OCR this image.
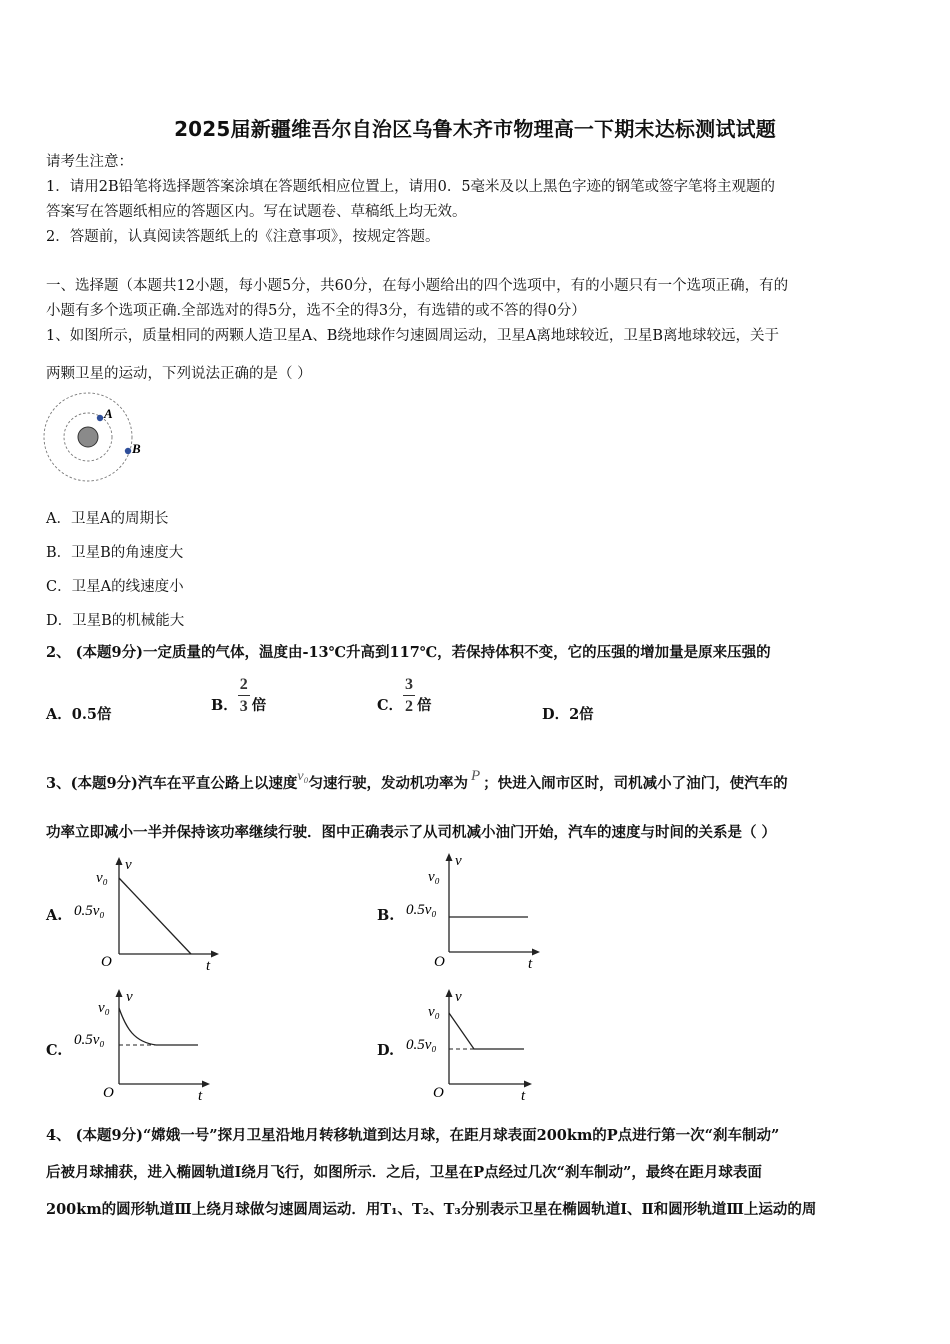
2025届新疆维吾尔自治区乌鲁木齐市物理高一下期末达标测试试题
请考生注意：
1．请用2B铅笔将选择题答案涂填在答题纸相应位置上，请用0．5毫米及以上黑色字迹的钢笔或签字笔将主观题的
答案写在答题纸相应的答题区内。写在试题卷、草稿纸上均无效。
2．答题前，认真阅读答题纸上的《注意事项》，按规定答题。
一、选择题（本题共12小题，每小题5分，共60分，在每小题给出的四个选项中，有的小题只有一个选项正确，有的
小题有多个选项正确.全部选对的得5分，选不全的得3分，有选错的或不答的得0分）
1、如图所示，质量相同的两颗人造卫星A、B绕地球作匀速圆周运动，卫星A离地球较近，卫星B离地球较远，关于
两颗卫星的运动，下列说法正确的是（ ）
A
B
A．卫星A的周期长
B．卫星B的角速度大
C．卫星A的线速度小
D．卫星B的机械能大
2、 (本题9分)一定质量的气体，温度由-13℃升高到117℃，若保持体积不变，它的压强的增加量是原来压强的
A．0.5倍
B． $\frac{2}{3}$ 倍	C． $\frac{3}{2}$ 倍
D．2倍
3、(本题9分)汽车在平直公路上以速度v₀匀速行驶，发动机功率为 P ；快进入闹市区时，司机减小了油门，使汽车的
功率立即减小一半并保持该功率继续行驶．图中正确表示了从司机减小油门开始，汽车的速度与时间的关系是（ ）
A.	B.
C.	D.
v
v₀
0.5v₀
O	t
v
v₀
0.5v₀
O	t
v
v₀
0.5v₀
O	t
v
v₀
0.5v₀
O	t
4、 (本题9分)“嫦娥一号”探月卫星沿地月转移轨道到达月球，在距月球表面200km的P点进行第一次“刹车制动”
后被月球捕获，进入椭圆轨道Ⅰ绕月飞行，如图所示．之后，卫星在P点经过几次“刹车制动”，最终在距月球表面
200km的圆形轨道Ⅲ上绕月球做匀速圆周运动．用T₁、T₂、T₃分别表示卫星在椭圆轨道Ⅰ、Ⅱ和圆形轨道Ⅲ上运动的周
